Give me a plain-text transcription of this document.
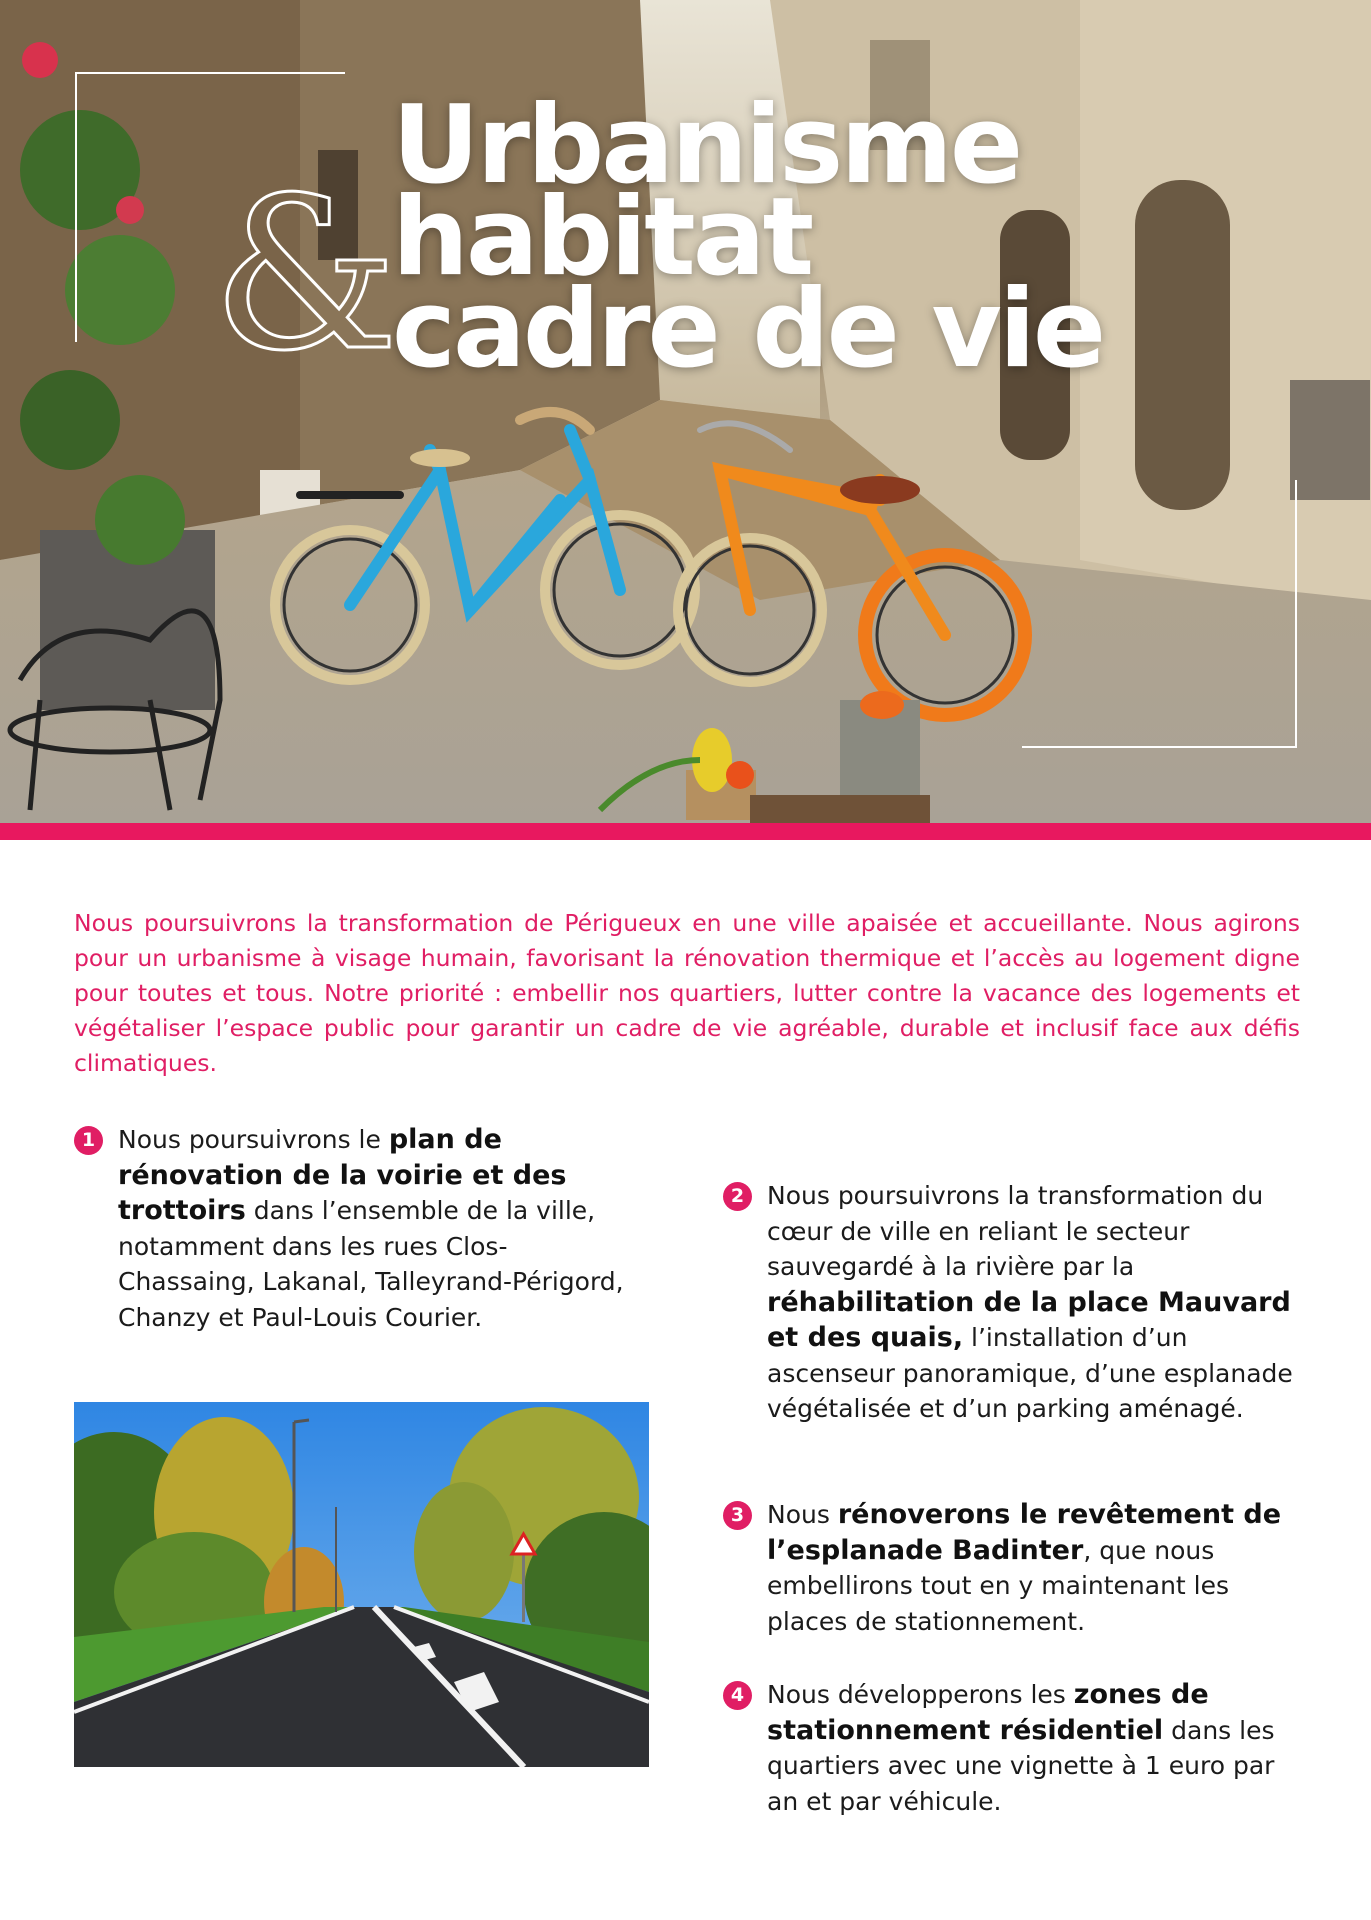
&
Urbanisme
habitat
cadre de vie

Nous poursuivrons la transformation de Périgueux en une ville apaisée et accueillante. Nous agirons pour un urbanisme à visage humain, favorisant la rénovation thermique et l’accès au logement digne pour toutes et tous. Notre priorité : embellir nos quartiers, lutter contre la vacance des logements et végétaliser l’espace public pour garantir un cadre de vie agréable, durable et inclusif face aux défis climatiques.

1 Nous poursuivrons le plan de rénovation de la voirie et des trottoirs dans l’ensemble de la ville, notamment dans les rues Clos-Chassaing, Lakanal, Talleyrand-Périgord, Chanzy et Paul-Louis Courier.
2 Nous poursuivrons la transformation du cœur de ville en reliant le secteur sauvegardé à la rivière par la réhabilitation de la place Mauvard et des quais, l’installation d’un ascenseur panoramique, d’une esplanade végétalisée et d’un parking aménagé.
3 Nous rénoverons le revêtement de l’esplanade Badinter, que nous embellirons tout en y maintenant les places de stationnement.
4 Nous développerons les zones de stationnement résidentiel dans les quartiers avec une vignette à 1 euro par an et par véhicule.
